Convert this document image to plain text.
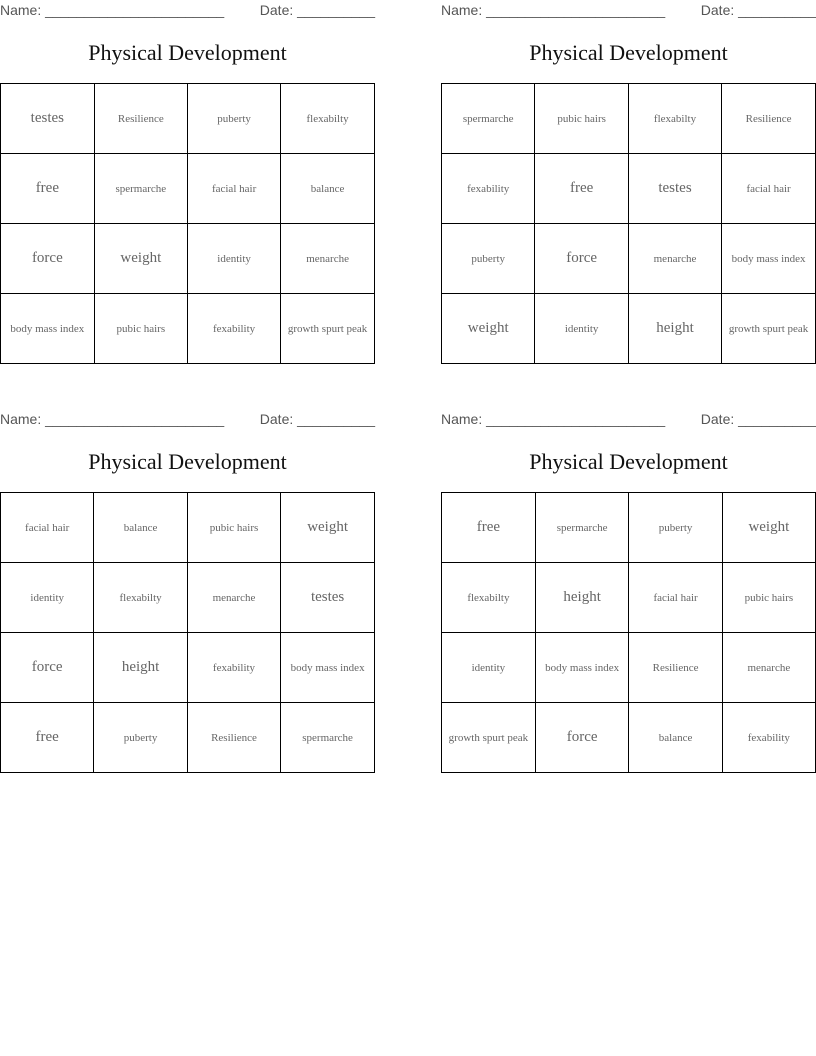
Name: _______________________	Date: __________
Physical Development
testes	Resilience	puberty	flexabilty
free	spermarche	facial hair	balance
force	weight	identity	menarche
body mass index	pubic hairs	fexability	growth spurt peak
Name: _______________________	Date: __________
Physical Development
spermarche	pubic hairs	flexabilty	Resilience
fexability	free	testes	facial hair
puberty	force	menarche	body mass index
weight	identity	height	growth spurt peak
Name: _______________________	Date: __________
Physical Development
facial hair	balance	pubic hairs	weight
identity	flexabilty	menarche	testes
force	height	fexability	body mass index
free	puberty	Resilience	spermarche
Name: _______________________	Date: __________
Physical Development
free	spermarche	puberty	weight
flexabilty	height	facial hair	pubic hairs
identity	body mass index	Resilience	menarche
growth spurt peak	force	balance	fexability
